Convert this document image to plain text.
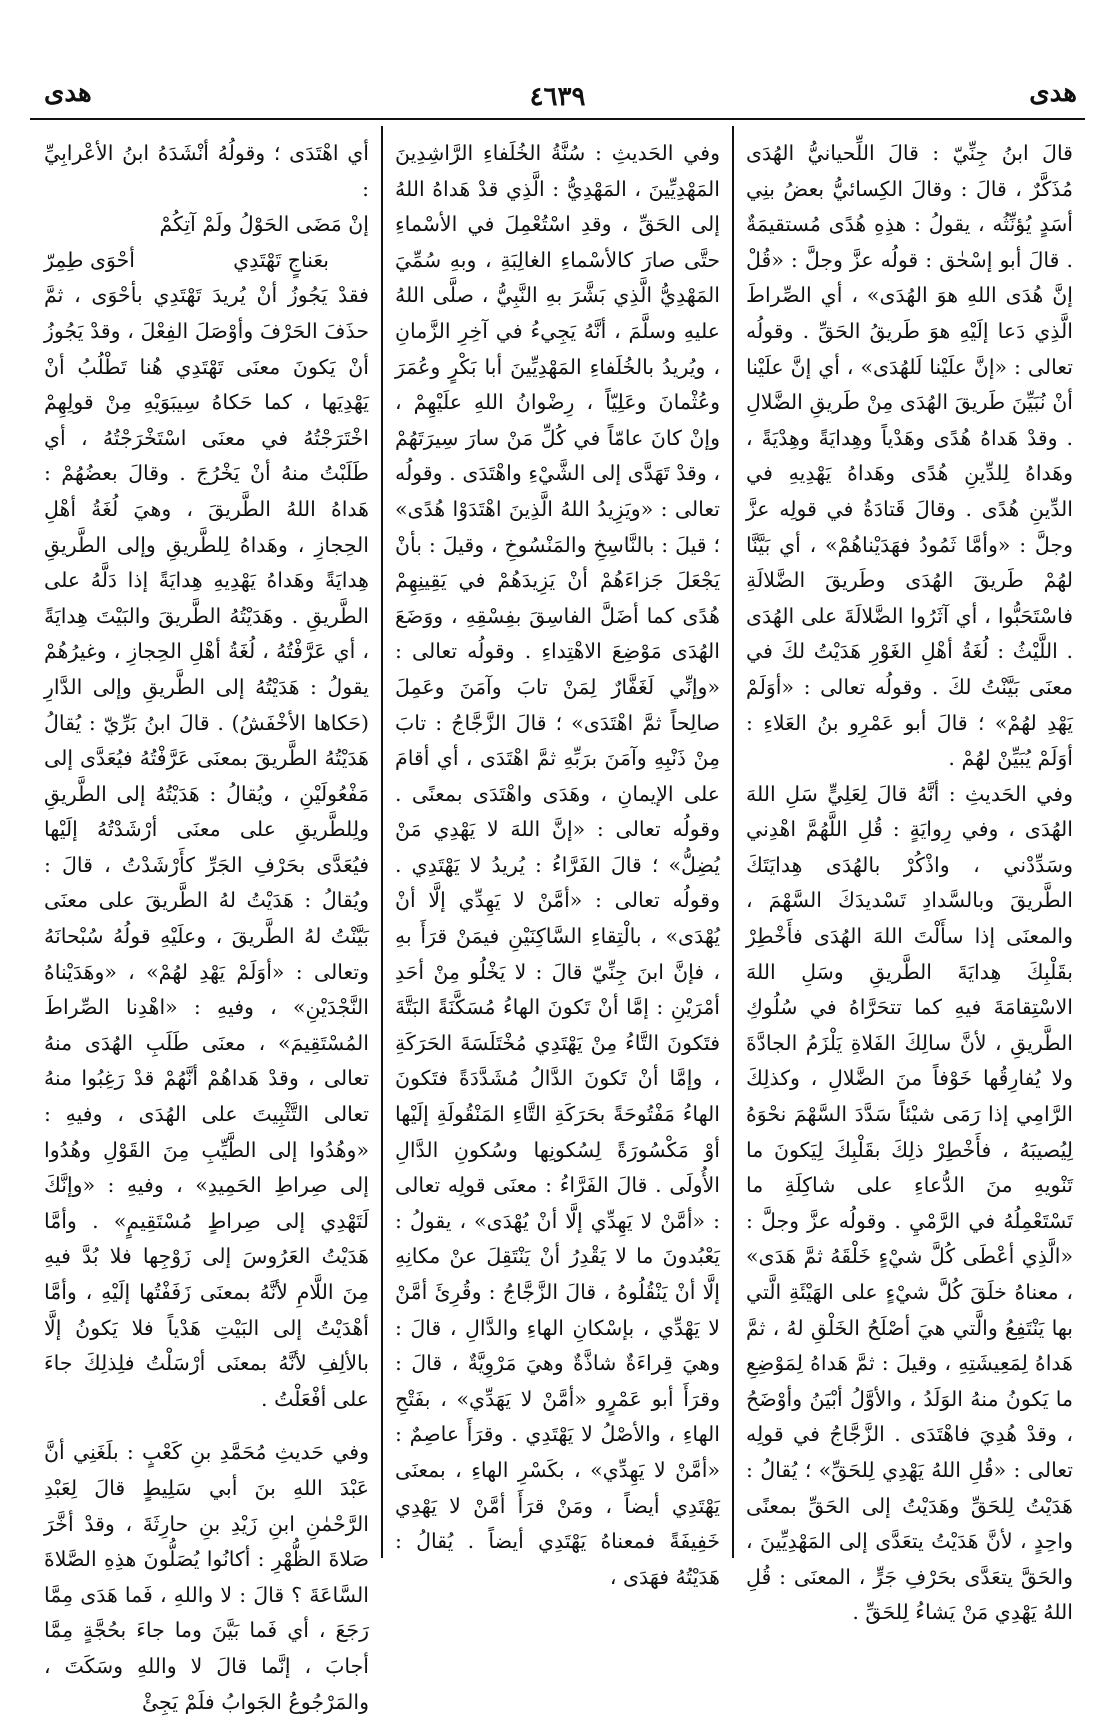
هدى
٤٦٣٩
هدى

قالَ ابنُ جِنِّيّ : قالَ اللِّحيانيُّ الهُدَى مُذَكَّرٌ ، قالَ : وقالَ الكِسائيُّ بعضُ بنِي أسَدٍ يُؤنِّثُه ، يقولُ : هذِهِ هُدًى مُستقيمَةٌ . قالَ أبو إسْحٰق : قولُه عزَّ وجلَّ : «قُلْ إنَّ هُدَى اللهِ هوَ الهُدَى» ، أي الصِّراطَ الَّذِي دَعا إلَيْهِ هوَ طَريقُ الحَقِّ . وقولُه تعالى : «إنَّ علَيْنا لَلهُدَى» ، أي إنَّ علَيْنا أنْ نُبَيِّنَ طَريقَ الهُدَى مِنْ طَريقِ الضَّلالِ . وقدْ هَداهُ هُدًى وهَدْياً وهِدايَةً وهِدْيَةً ، وهَداهُ لِلدِّينِ هُدًى وهَداهُ يَهْدِيهِ في الدِّينِ هُدًى . وقالَ قَتادَةُ في قولِه عزَّ وجلَّ : «وأمَّا ثَمُودُ فهَدَيْناهُمْ» ، أي بَيَّنَّا لهُمْ طَريقَ الهُدَى وطَريقَ الضَّلالَةِ فاسْتَحَبُّوا ، أي آثَرُوا الضَّلالَةَ على الهُدَى . اللَّيْثُ : لُغَةُ أهْلِ الغَوْرِ هَدَيْتُ لكَ في معنَى بَيَّنْتُ لكَ . وقولُه تعالى : «أوَلَمْ يَهْدِ لهُمْ» ؛ قالَ أبو عَمْرِو بنُ العَلاءِ : أوَلَمْ يُبَيِّنْ لهُمْ .

وفي الحَديثِ : أنَّهُ قالَ لِعَلِيٍّ سَلِ اللهَ الهُدَى ، وفي رِوايَةٍ : قُلِ اللَّهُمَّ اهْدِني وسَدِّدْني ، واذْكُرْ بالهُدَى هِدايَتَكَ الطَّريقَ وبالسَّدادِ تَسْديدَكَ السَّهْمَ ، والمعنَى إذا سأَلْتَ اللهَ الهُدَى فأَخْطِرْ بقَلْبِكَ هِدايَةَ الطَّريقِ وسَلِ اللهَ الاسْتِقامَةَ فيهِ كما تتحَرَّاهُ في سُلُوكِ الطَّريقِ ، لأنَّ سالِكَ الفَلاةِ يَلْزَمُ الجادَّةَ ولا يُفارِقُها خَوْفاً منَ الضَّلالِ ، وكذلِكَ الرَّامِي إذا رَمَى شيْئاً سَدَّدَ السَّهْمَ نحْوَهُ لِيُصيبَهُ ، فأَخْطِرْ ذلِكَ بقَلْبِكَ لِيَكونَ ما تَنْويهِ منَ الدُّعاءِ على شاكِلَةِ ما تَسْتَعْمِلُهُ في الرَّمْيِ . وقولُه عزَّ وجلَّ : «الَّذِي أعْطَى كُلَّ شيْءٍ خَلْقَهُ ثمَّ هَدَى» ، معناهُ خلَقَ كُلَّ شيْءٍ على الهَيْئَةِ الَّتي بها يَنْتَفِعُ والَّتي هيَ أصْلَحُ الخَلْقِ لهُ ، ثمَّ هَداهُ لِمَعِيشَتِهِ ، وقيلَ : ثمَّ هَداهُ لِمَوْضِعِ ما يَكونُ منهُ الوَلَدُ ، والأوَّلُ أبْيَنُ وأوْضَحُ ، وقدْ هُدِيَ فاهْتَدَى . الزَّجَّاجُ في قولِه تعالى : «قُلِ اللهُ يَهْدِي لِلحَقِّ» ؛ يُقالُ : هَدَيْتُ لِلحَقِّ وهَدَيْتُ إلى الحَقِّ بمعنًى واحِدٍ ، لأنَّ هَدَيْتُ يتعَدَّى إلى المَهْدِيِّينَ ، والحَقَّ يتعَدَّى بحَرْفِ جَرٍّ ، المعنَى : قُلِ اللهُ يَهْدِي مَنْ يَشاءُ لِلحَقِّ .

وفي الحَديثِ : سُنَّةُ الخُلَفاءِ الرَّاشِدِينَ المَهْدِيِّينَ ، المَهْدِيُّ : الَّذِي قدْ هَداهُ اللهُ إلى الحَقِّ ، وقدِ اسْتُعْمِلَ في الأسْماءِ حتَّى صارَ كالأسْماءِ الغالِبَةِ ، وبهِ سُمِّيَ المَهْدِيُّ الَّذِي بَشَّرَ بهِ النَّبِيُّ ، صلَّى اللهُ عليهِ وسلَّمَ ، أنَّهُ يَجِيءُ في آخِرِ الزَّمانِ ، ويُريدُ بالخُلَفاءِ المَهْدِيِّينَ أبا بَكْرٍ وعُمَرَ وعُثْمانَ وعَلِيّاً ، رِضْوانُ اللهِ علَيْهِمْ ، وإنْ كانَ عامّاً في كُلِّ مَنْ سارَ سِيرَتَهُمْ ، وقدْ تَهَدَّى إلى الشَّيْءِ واهْتَدَى . وقولُه تعالى : «ويَزِيدُ اللهُ الَّذِينَ اهْتَدَوْا هُدًى» ؛ قيلَ : بالنَّاسِخِ والمَنْسُوخِ ، وقيلَ : بأنْ يَجْعَلَ جَزاءَهُمْ أنْ يَزِيدَهُمْ في يَقِينِهِمْ هُدًى كما أضَلَّ الفاسِقَ بفِسْقِهِ ، ووَضَعَ الهُدَى مَوْضِعَ الاهْتِداءِ . وقولُه تعالى : «وإنِّي لَغَفَّارٌ لِمَنْ تابَ وآمَنَ وعَمِلَ صالِحاً ثمَّ اهْتَدَى» ؛ قالَ الزَّجَّاجُ : تابَ مِنْ ذَنْبِهِ وآمَنَ برَبِّهِ ثمَّ اهْتَدَى ، أي أقامَ على الإيمانِ ، وهَدَى واهْتَدَى بمعنًى . وقولُه تعالى : «إنَّ اللهَ لا يَهْدِي مَنْ يُضِلُّ» ؛ قالَ الفَرَّاءُ : يُريدُ لا يَهْتَدِي . وقولُه تعالى : «أمَّنْ لا يَهِدِّي إلَّا أنْ يُهْدَى» ، بالْتِقاءِ السَّاكِنَيْنِ فيمَنْ قرَأَ بهِ ، فإنَّ ابنَ جِنِّيّ قالَ : لا يَخْلُو مِنْ أحَدِ أمْرَيْنِ : إمَّا أنْ تَكونَ الهاءُ مُسَكَّنَةً البَتَّةَ فتَكونَ التَّاءُ مِنْ يَهْتَدِي مُخْتَلَسَةَ الحَرَكَةِ ، وإمَّا أنْ تَكونَ الدَّالُ مُشَدَّدَةً فتَكونَ الهاءُ مَفْتُوحَةً بحَرَكَةِ التَّاءِ المَنْقُولَةِ إلَيْها أوْ مَكْسُورَةً لِسُكونِها وسُكونِ الدَّالِ الأُولَى . قالَ الفَرَّاءُ : معنَى قولِه تعالى : «أمَّنْ لا يَهِدِّي إلَّا أنْ يُهْدَى» ، يقولُ : يَعْبُدونَ ما لا يَقْدِرُ أنْ يَنْتَقِلَ عنْ مكانِهِ إلَّا أنْ يَنْقُلُوهُ ، قالَ الزَّجَّاجُ : وقُرِئَ أمَّنْ لا يَهْدِّي ، بإسْكانِ الهاءِ والدَّالِ ، قالَ : وهيَ قِراءَةٌ شاذَّةٌ وهيَ مَرْوِيَّةٌ ، قالَ : وقرَأَ أبو عَمْرٍو «أمَّنْ لا يَهَدِّي» ، بفَتْحِ الهاءِ ، والأصْلُ لا يَهْتَدِي . وقرَأَ عاصِمٌ : «أمَّنْ لا يَهِدِّي» ، بكَسْرِ الهاءِ ، بمعنَى يَهْتَدِي أيضاً ، ومَنْ قرَأَ أمَّنْ لا يَهْدِي خَفِيفَةً فمعناهُ يَهْتَدِي أيضاً . يُقالُ : هَدَيْتُهُ فهَدَى ،

أي اهْتَدَى ؛ وقولُهُ أنْشَدَهُ ابنُ الأعْرابِيِّ :

إنْ مَضَى الحَوْلُ ولَمْ آتِكُمْ
بعَناجٍ تَهْتَدِي
أحْوَى طِمِرّ

فقدْ يَجُوزُ أنْ يُريدَ تَهْتَدِي بأحْوَى ، ثمَّ حذَفَ الحَرْفَ وأوْصَلَ الفِعْلَ ، وقدْ يَجُوزُ أنْ يَكونَ معنَى تَهْتَدِي هُنا تَطْلُبُ أنْ يَهْدِيَها ، كما حَكاهُ سِيبَوَيْهِ مِنْ قولِهِمْ اخْتَرَجْتُهُ في معنَى اسْتَخْرَجْتُهُ ، أي طَلَبْتُ منهُ أنْ يَخْرُجَ . وقالَ بعضُهُمْ : هَداهُ اللهُ الطَّريقَ ، وهيَ لُغَةُ أهْلِ الحِجازِ ، وهَداهُ لِلطَّريقِ وإلى الطَّريقِ هِدايَةً وهَداهُ يَهْدِيهِ هِدايَةً إذا دَلَّهُ على الطَّريقِ . وهَدَيْتُهُ الطَّريقَ والبَيْتَ هِدايَةً ، أي عَرَّفْتُهُ ، لُغَةُ أهْلِ الحِجازِ ، وغيرُهُمْ يقولُ : هَدَيْتُهُ إلى الطَّريقِ وإلى الدَّارِ (حَكاها الأخْفَشُ) . قالَ ابنُ بَرِّيّ : يُقالُ هَدَيْتُهُ الطَّريقَ بمعنَى عَرَّفْتُهُ فيُعَدَّى إلى مَفْعُولَيْنِ ، ويُقالُ : هَدَيْتُهُ إلى الطَّريقِ ولِلطَّريقِ على معنَى أرْشَدْتُهُ إلَيْها فيُعَدَّى بحَرْفِ الجَرِّ كأَرْشَدْتُ ، قالَ : ويُقالُ : هَدَيْتُ لهُ الطَّريقَ على معنَى بَيَّنْتُ لهُ الطَّريقَ ، وعلَيْهِ قولُهُ سُبْحانَهُ وتعالى : «أوَلَمْ يَهْدِ لهُمْ» ، «وهَدَيْناهُ النَّجْدَيْنِ» ، وفيهِ : «اهْدِنا الصِّراطَ المُسْتَقِيمَ» ، معنَى طَلَبِ الهُدَى منهُ تعالى ، وقدْ هَداهُمْ أنَّهُمْ قدْ رَغِبُوا منهُ تعالى التَّثْبِيتَ على الهُدَى ، وفيهِ : «وهُدُوا إلى الطَّيِّبِ مِنَ القَوْلِ وهُدُوا إلى صِراطِ الحَمِيدِ» ، وفيهِ : «وإنَّكَ لَتَهْدِي إلى صِراطٍ مُسْتَقِيمٍ» . وأمَّا هَدَيْتُ العَرُوسَ إلى زَوْجِها فلا بُدَّ فيهِ مِنَ اللَّامِ لأنَّهُ بمعنَى زَفَفْتُها إلَيْهِ ، وأمَّا أهْدَيْتُ إلى البَيْتِ هَدْياً فلا يَكونُ إلَّا بالألِفِ لأنَّهُ بمعنَى أرْسَلْتُ فلِذلِكَ جاءَ على أفْعَلْتُ .

وفي حَديثِ مُحَمَّدِ بنِ كَعْبٍ : بلَغَنِي أنَّ عَبْدَ اللهِ بنَ أبي سَلِيطٍ قالَ لِعَبْدِ الرَّحْمٰنِ ابنِ زَيْدِ بنِ حارِثَةَ ، وقدْ أخَّرَ صَلاةَ الظُّهْرِ : أكانُوا يُصَلُّونَ هذِهِ الصَّلاةَ السَّاعَةَ ؟ قالَ : لا واللهِ ، فَما هَدَى مِمَّا رَجَعَ ، أي فَما بَيَّنَ وما جاءَ بحُجَّةٍ مِمَّا أجابَ ، إنَّما قالَ لا واللهِ وسَكَتَ ، والمَرْجُوعُ الجَوابُ فلَمْ يَجِئْ
